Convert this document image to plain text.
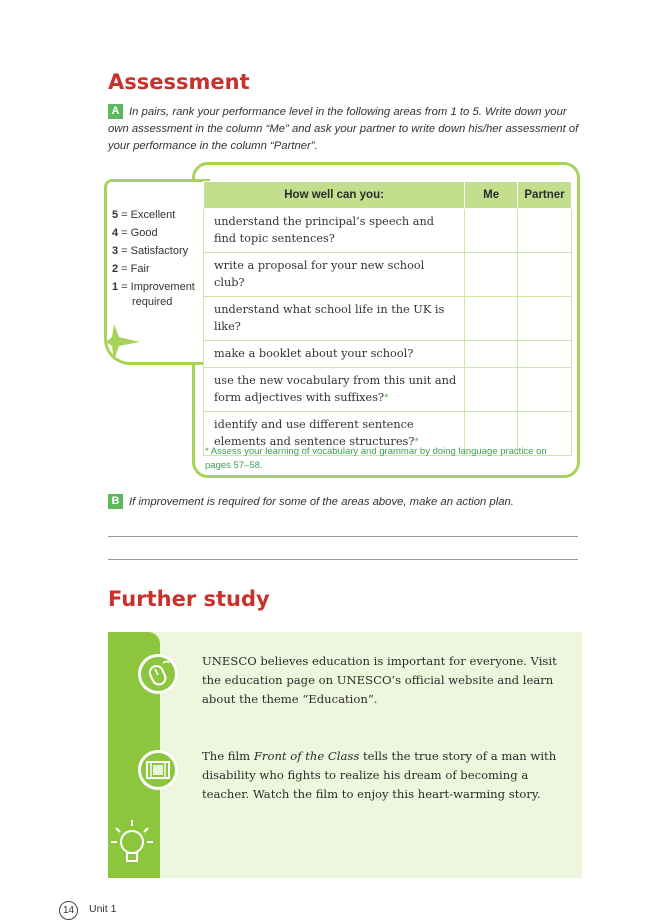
Assessment
A In pairs, rank your performance level in the following areas from 1 to 5. Write down your own assessment in the column “Me” and ask your partner to write down his/her assessment of your performance in the column “Partner”.
5 = Excellent
4 = Good
3 = Satisfactory
2 = Fair
1 = Improvement
required
How well can you:	Me	Partner
understand the principal’s speech and find topic sentences?		
write a proposal for your new school club?		
understand what school life in the UK is like?		
make a booklet about your school?		
use the new vocabulary from this unit and form adjectives with suffixes?*		
identify and use different sentence elements and sentence structures?*		
* Assess your learning of vocabulary and grammar by doing language practice on pages 57–58.
B If improvement is required for some of the areas above, make an action plan.
Further study
UNESCO believes education is important for everyone. Visit the education page on UNESCO’s official website and learn about the theme “Education”.
The film Front of the Class tells the true story of a man with disability who fights to realize his dream of becoming a teacher. Watch the film to enjoy this heart-warming story.
14	Unit 1
